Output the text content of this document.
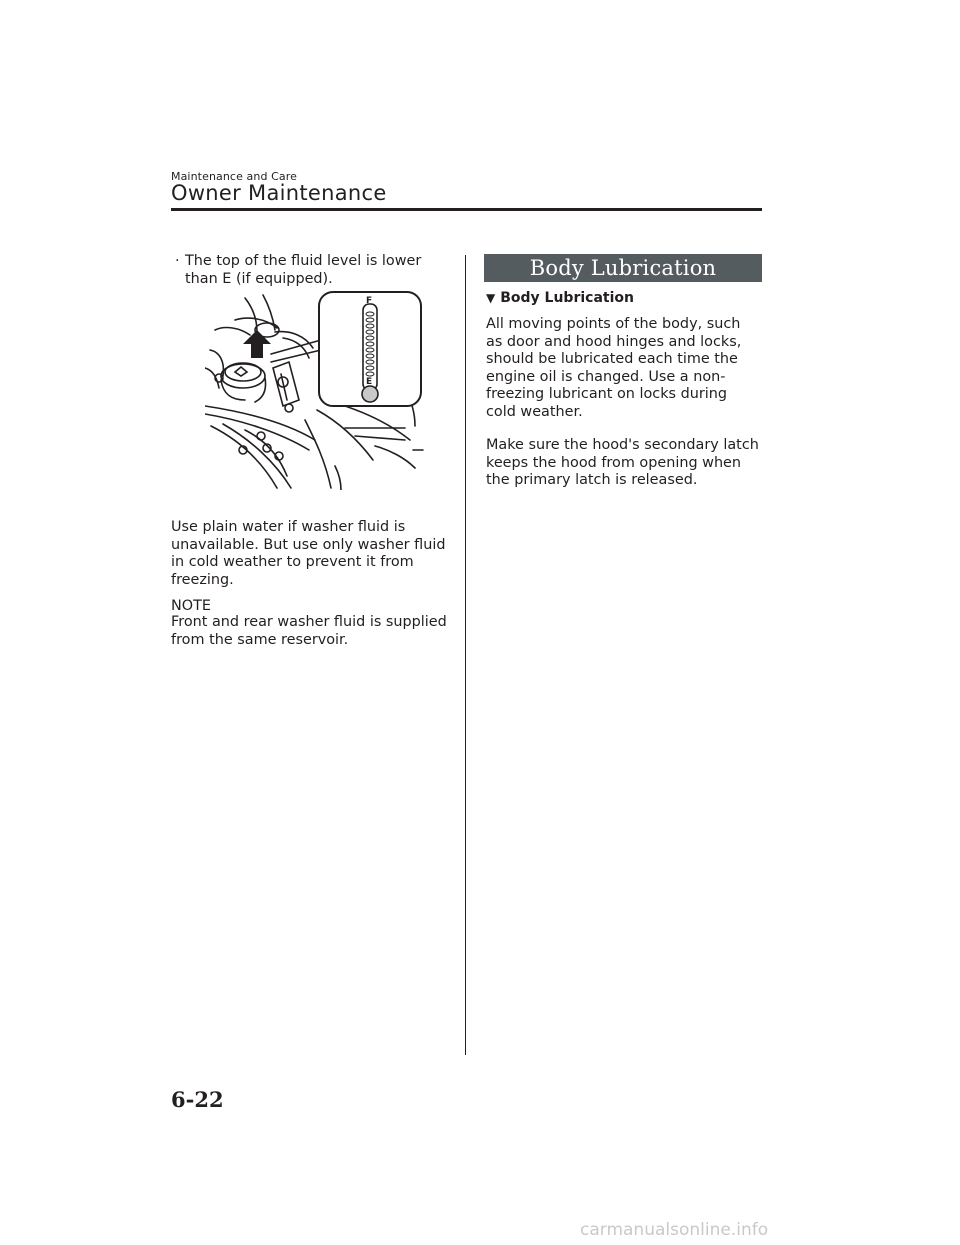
Maintenance and Care
Owner Maintenance
· The top of the fluid level is lower than E (if equipped).
F
E
Use plain water if washer fluid is unavailable. But use only washer fluid in cold weather to prevent it from freezing.
NOTE
Front and rear washer fluid is supplied from the same reservoir.
Body Lubrication
▼ Body Lubrication
All moving points of the body, such as door and hood hinges and locks, should be lubricated each time the engine oil is changed. Use a non-freezing lubricant on locks during cold weather.
Make sure the hood's secondary latch keeps the hood from opening when the primary latch is released.
6-22
carmanualsonline.info
